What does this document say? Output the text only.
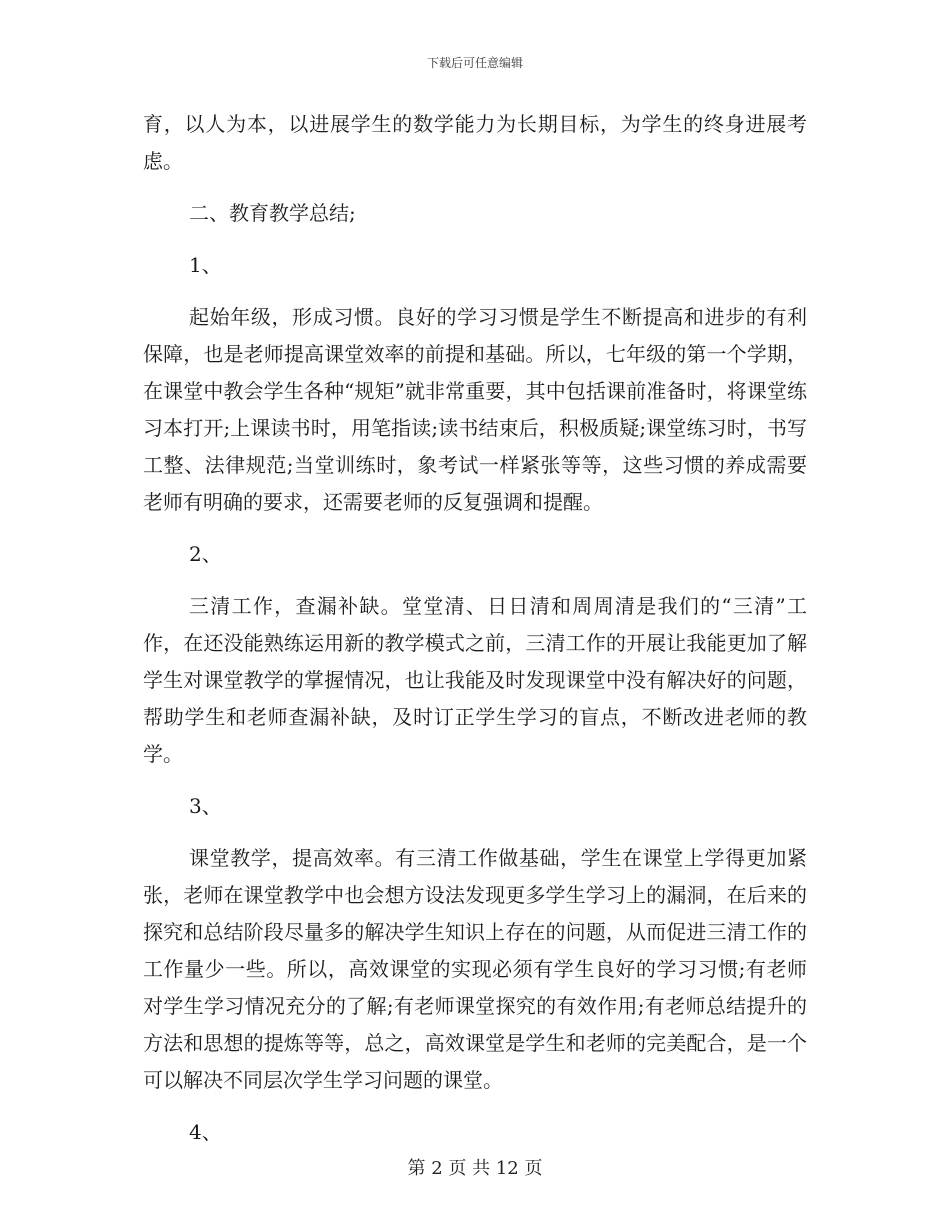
下载后可任意编辑

育，以人为本，以进展学生的数学能力为长期目标，为学生的终身进展考虑。

二、教育教学总结;

1、

起始年级，形成习惯。良好的学习习惯是学生不断提高和进步的有利保障，也是老师提高课堂效率的前提和基础。所以，七年级的第一个学期，在课堂中教会学生各种“规矩”就非常重要，其中包括课前准备时，将课堂练习本打开;上课读书时，用笔指读;读书结束后，积极质疑;课堂练习时，书写工整、法律规范;当堂训练时，象考试一样紧张等等，这些习惯的养成需要老师有明确的要求，还需要老师的反复强调和提醒。

2、

三清工作，查漏补缺。堂堂清、日日清和周周清是我们的“三清”工作，在还没能熟练运用新的教学模式之前，三清工作的开展让我能更加了解学生对课堂教学的掌握情况，也让我能及时发现课堂中没有解决好的问题，帮助学生和老师查漏补缺，及时订正学生学习的盲点，不断改进老师的教学。

3、

课堂教学，提高效率。有三清工作做基础，学生在课堂上学得更加紧张，老师在课堂教学中也会想方设法发现更多学生学习上的漏洞，在后来的探究和总结阶段尽量多的解决学生知识上存在的问题，从而促进三清工作的工作量少一些。所以，高效课堂的实现必须有学生良好的学习习惯;有老师对学生学习情况充分的了解;有老师课堂探究的有效作用;有老师总结提升的方法和思想的提炼等等，总之，高效课堂是学生和老师的完美配合，是一个可以解决不同层次学生学习问题的课堂。

4、

第 2 页 共 12 页
